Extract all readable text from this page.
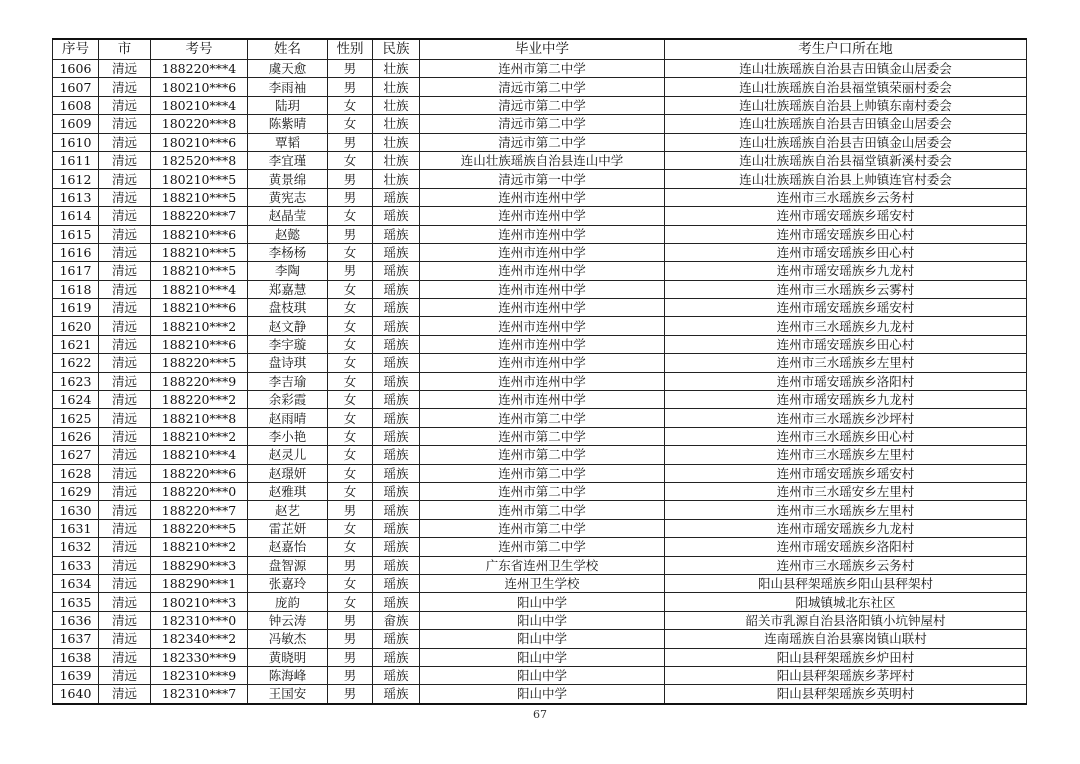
序号	市	考号	姓名	性别	民族	毕业中学	考生户口所在地
1606	清远	188220***4	虞天愈	男	壮族	连州市第二中学	连山壮族瑶族自治县吉田镇金山居委会
1607	清远	180210***6	李雨袖	男	壮族	清远市第二中学	连山壮族瑶族自治县福堂镇荣丽村委会
1608	清远	180210***4	陆玥	女	壮族	清远市第二中学	连山壮族瑶族自治县上帅镇东南村委会
1609	清远	180220***8	陈紫晴	女	壮族	清远市第二中学	连山壮族瑶族自治县吉田镇金山居委会
1610	清远	180210***6	覃韬	男	壮族	清远市第二中学	连山壮族瑶族自治县吉田镇金山居委会
1611	清远	182520***8	李宜瑾	女	壮族	连山壮族瑶族自治县连山中学	连山壮族瑶族自治县福堂镇新溪村委会
1612	清远	180210***5	黄景绵	男	壮族	清远市第一中学	连山壮族瑶族自治县上帅镇连官村委会
1613	清远	188210***5	黄宪志	男	瑶族	连州市连州中学	连州市三水瑶族乡云务村
1614	清远	188220***7	赵晶莹	女	瑶族	连州市连州中学	连州市瑶安瑶族乡瑶安村
1615	清远	188210***6	赵懿	男	瑶族	连州市连州中学	连州市瑶安瑶族乡田心村
1616	清远	188210***5	李杨杨	女	瑶族	连州市连州中学	连州市瑶安瑶族乡田心村
1617	清远	188210***5	李陶	男	瑶族	连州市连州中学	连州市瑶安瑶族乡九龙村
1618	清远	188210***4	郑嘉慧	女	瑶族	连州市连州中学	连州市三水瑶族乡云雾村
1619	清远	188210***6	盘枝琪	女	瑶族	连州市连州中学	连州市瑶安瑶族乡瑶安村
1620	清远	188210***2	赵文静	女	瑶族	连州市连州中学	连州市三水瑶族乡九龙村
1621	清远	188210***6	李宇璇	女	瑶族	连州市连州中学	连州市瑶安瑶族乡田心村
1622	清远	188220***5	盘诗琪	女	瑶族	连州市连州中学	连州市三水瑶族乡左里村
1623	清远	188220***9	李吉瑜	女	瑶族	连州市连州中学	连州市瑶安瑶族乡洛阳村
1624	清远	188220***2	余彩霞	女	瑶族	连州市连州中学	连州市瑶安瑶族乡九龙村
1625	清远	188210***8	赵雨晴	女	瑶族	连州市第二中学	连州市三水瑶族乡沙坪村
1626	清远	188210***2	李小艳	女	瑶族	连州市第二中学	连州市三水瑶族乡田心村
1627	清远	188210***4	赵灵儿	女	瑶族	连州市第二中学	连州市三水瑶族乡左里村
1628	清远	188220***6	赵璟妍	女	瑶族	连州市第二中学	连州市瑶安瑶族乡瑶安村
1629	清远	188220***0	赵雅琪	女	瑶族	连州市第二中学	连州市三水瑶安乡左里村
1630	清远	188220***7	赵艺	男	瑶族	连州市第二中学	连州市三水瑶族乡左里村
1631	清远	188220***5	雷芷妍	女	瑶族	连州市第二中学	连州市瑶安瑶族乡九龙村
1632	清远	188210***2	赵嘉怡	女	瑶族	连州市第二中学	连州市瑶安瑶族乡洛阳村
1633	清远	188290***3	盘智源	男	瑶族	广东省连州卫生学校	连州市三水瑶族乡云务村
1634	清远	188290***1	张嘉玲	女	瑶族	连州卫生学校	阳山县秤架瑶族乡阳山县秤架村
1635	清远	180210***3	庞韵	女	瑶族	阳山中学	阳城镇城北东社区
1636	清远	182310***0	钟云涛	男	畲族	阳山中学	韶关市乳源自治县洛阳镇小坑钟屋村
1637	清远	182340***2	冯敏杰	男	瑶族	阳山中学	连南瑶族自治县寨岗镇山联村
1638	清远	182330***9	黄晓明	男	瑶族	阳山中学	阳山县秤架瑶族乡炉田村
1639	清远	182310***9	陈海峰	男	瑶族	阳山中学	阳山县秤架瑶族乡茅坪村
1640	清远	182310***7	王国安	男	瑶族	阳山中学	阳山县秤架瑶族乡英明村
67
